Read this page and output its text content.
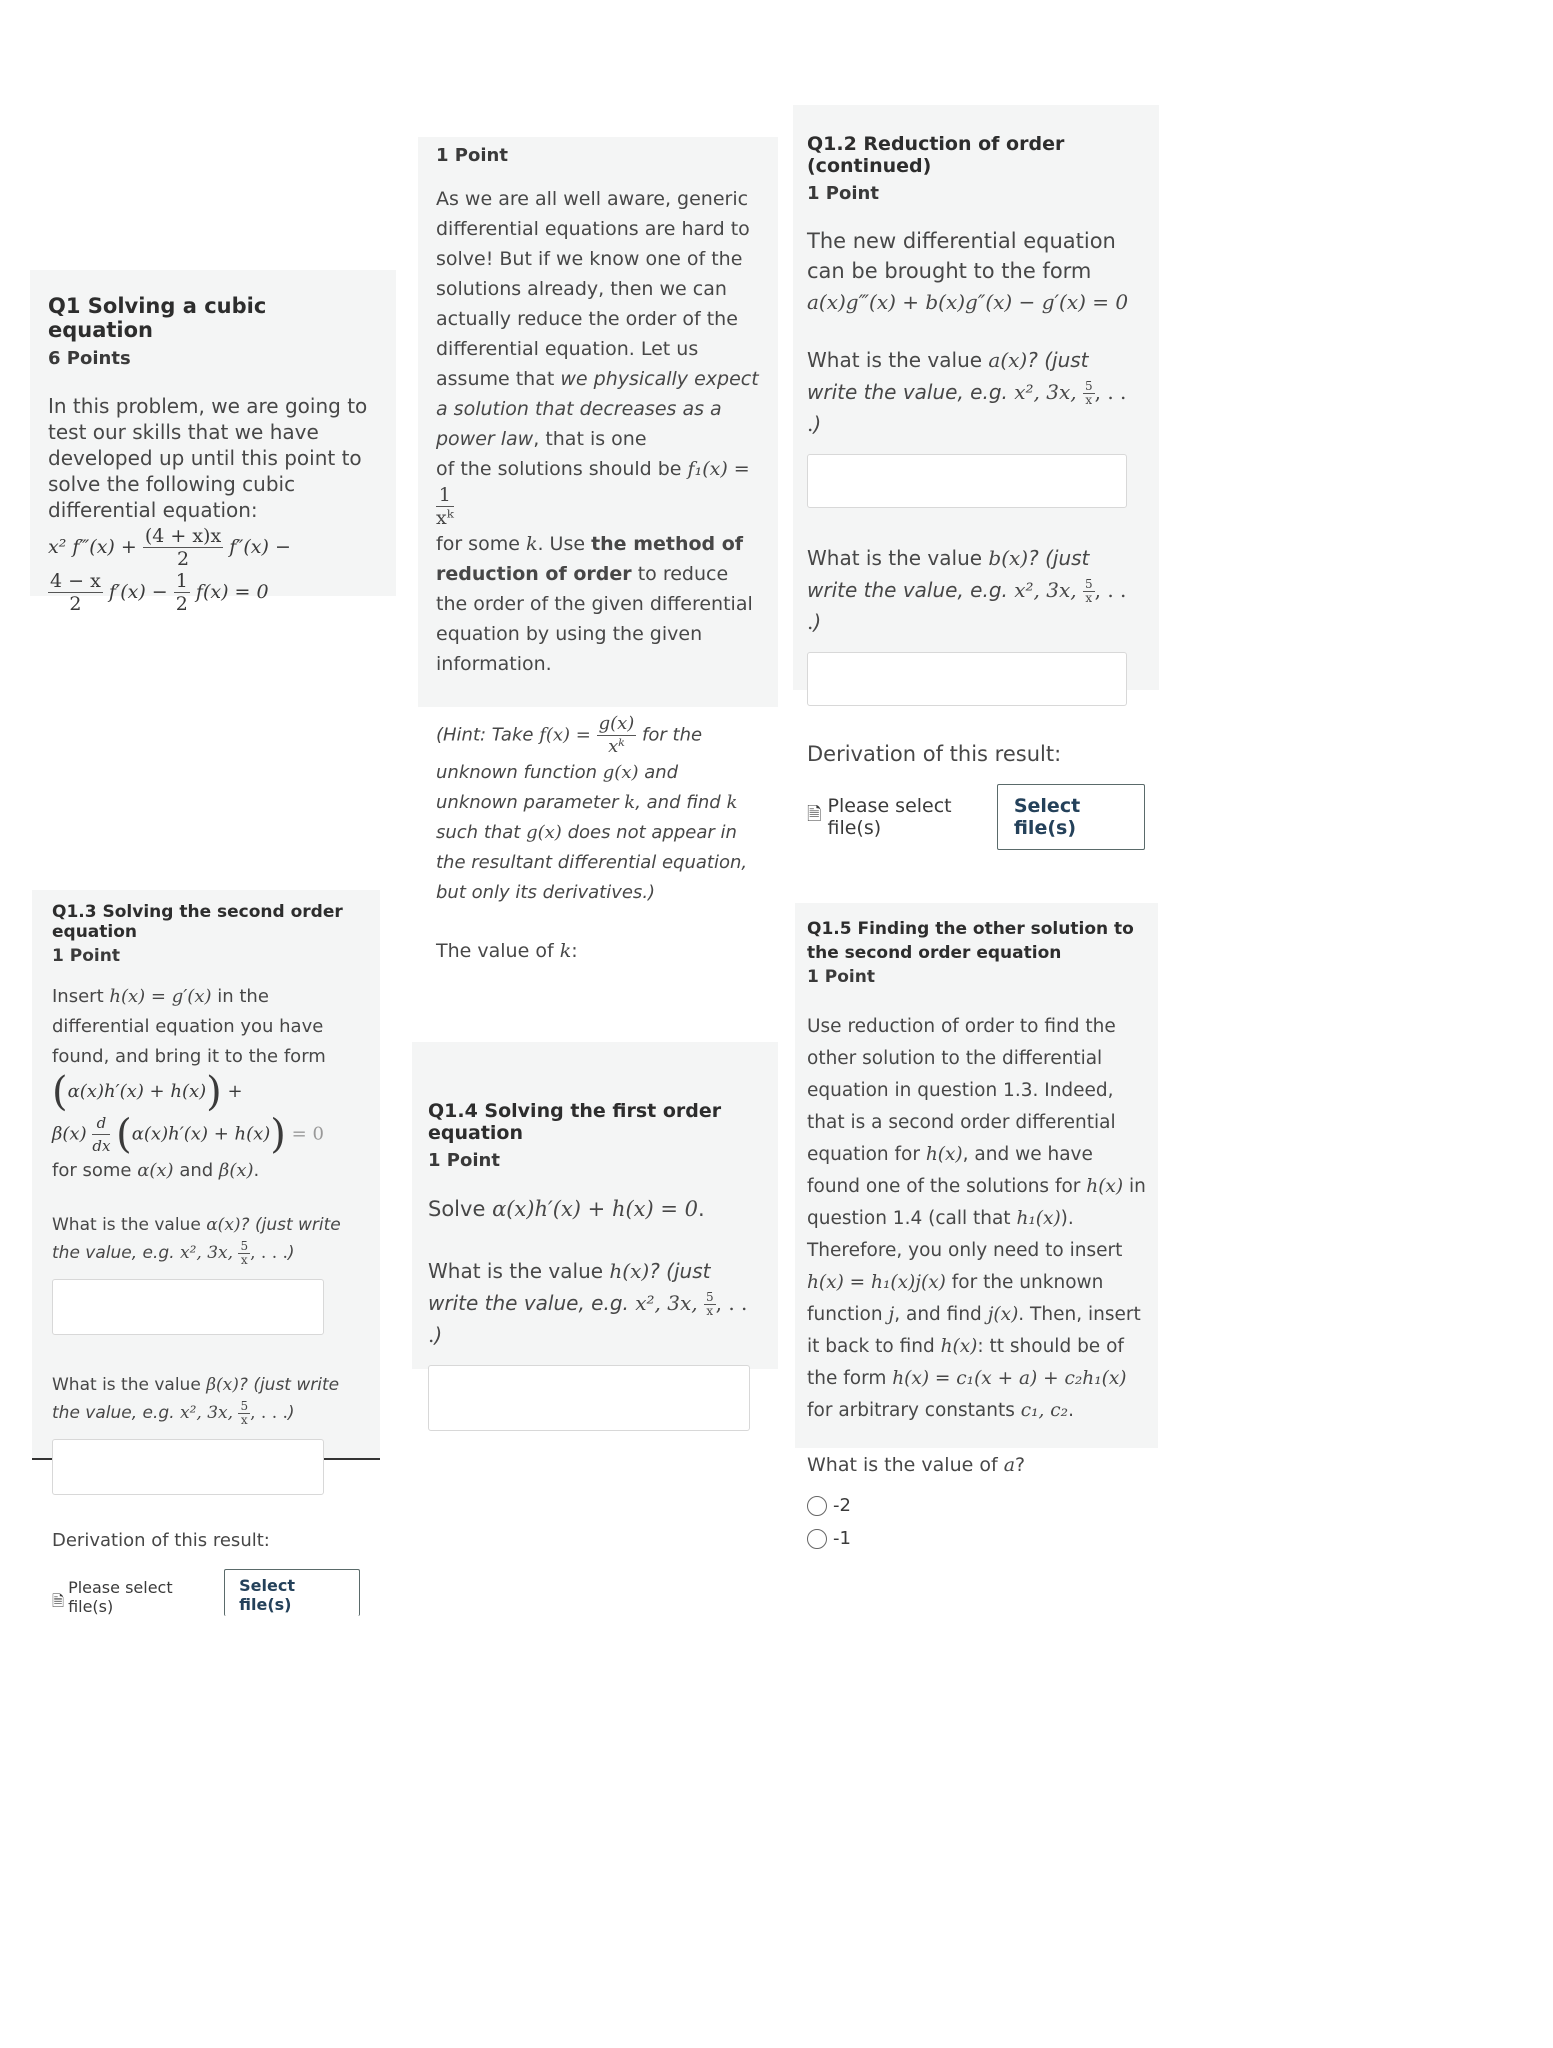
Q1 Solving a cubic equation

6 Points

In this problem, we are going to test our skills that we have developed up until this point to solve the following cubic differential equation:

x² f‴(x) + $\frac{(4 + x)x}{2} f''(x)$ −

$\frac{4 - x}{2} f'(x) - \frac{1}{2} f(x) = 0$

1 Point

As we are all well aware, generic differential equations are hard to solve! But if we know one of the solutions already, then we can actually reduce the order of the differential equation. Let us assume that we physically expect a solution that decreases as a power law, that is one

of the solutions should be f₁(x) =
$\frac{1}{\text{xᵏ}}$

for some k. Use the method of reduction of order to reduce the order of the given differential equation by using the given information.

(Hint: Take $f(x) = \frac{g(x)}{\text{xᵏ}}$ for the unknown function g(x) and unknown parameter k, and find k such that g(x) does not appear in the resultant differential equation, but only its derivatives.)

The value of k:

Q1.2 Reduction of order (continued)

1 Point

The new differential equation can be brought to the form

a(x)g‴(x) + b(x)g″(x) − g′(x) = 0

What is the value a(x)? (just write the value, e.g. x², 3x, $\frac{5}{x}$ , . . .)

What is the value b(x)? (just write the value, e.g. x², 3x, $\frac{5}{x}$ , . . .)

Derivation of this result:

🗎 Please select file(s)
Select file(s)

Q1.3 Solving the second order equation

1 Point

Insert h(x) = g′(x) in the differential equation you have found, and bring it to the form

(α(x)h′(x) + h(x)) +
$\beta(x) \frac{d}{dx} (\alpha(x)h'(x) + h(x)) = 0$

for some α(x) and β(x).

What is the value α(x)? (just write the value, e.g. x², 3x, $\frac{5}{x}$ , . . .)

What is the value β(x)? (just write the value, e.g. x², 3x, $\frac{5}{x}$ , . . .)

Derivation of this result:

🗎
Please select file(s)
Select file(s)

Q1.4 Solving the first order equation

1 Point

Solve α(x)h′(x) + h(x) = 0.

What is the value h(x)? (just write the value, e.g. x², 3x, $\frac{5}{x}$ , . . .)

Q1.5 Finding the other solution to the second order equation

1 Point

Use reduction of order to find the other solution to the differential equation in question 1.3. Indeed, that is a second order differential equation for h(x), and we have found one of the solutions for h(x) in question 1.4 (call that h₁(x)). Therefore, you only need to insert h(x) = h₁(x)j(x) for the unknown function j, and find j(x). Then, insert it back to find h(x): tt should be of the form h(x) = c₁(x + a) + c₂h₁(x) for arbitrary constants c₁, c₂.

What is the value of a?

-2
-1
